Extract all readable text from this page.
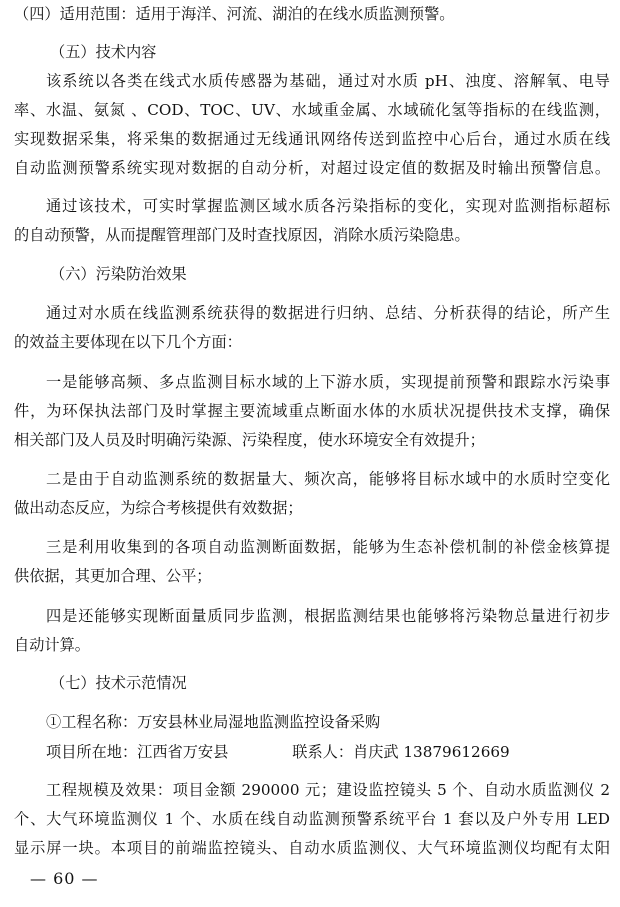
（四）适用范围：适用于海洋、河流、湖泊的在线水质监测预警。
（五）技术内容
该系统以各类在线式水质传感器为基础，通过对水质 pH、浊度、溶解氧、电导
率、水温、氨氮 、COD、TOC、UV、水域重金属、水域硫化氢等指标的在线监测，
实现数据采集，将采集的数据通过无线通讯网络传送到监控中心后台，通过水质在线
自动监测预警系统实现对数据的自动分析，对超过设定值的数据及时输出预警信息。
通过该技术，可实时掌握监测区域水质各污染指标的变化，实现对监测指标超标
的自动预警，从而提醒管理部门及时查找原因，消除水质污染隐患。
（六）污染防治效果
通过对水质在线监测系统获得的数据进行归纳、总结、分析获得的结论，所产生
的效益主要体现在以下几个方面：
一是能够高频、多点监测目标水域的上下游水质，实现提前预警和跟踪水污染事
件，为环保执法部门及时掌握主要流域重点断面水体的水质状况提供技术支撑，确保
相关部门及人员及时明确污染源、污染程度，使水环境安全有效提升；
二是由于自动监测系统的数据量大、频次高，能够将目标水域中的水质时空变化
做出动态反应，为综合考核提供有效数据；
三是利用收集到的各项自动监测断面数据，能够为生态补偿机制的补偿金核算提
供依据，其更加合理、公平；
四是还能够实现断面量质同步监测，根据监测结果也能够将污染物总量进行初步
自动计算。
（七）技术示范情况
①工程名称：万安县林业局湿地监测监控设备采购
项目所在地：江西省万安县	联系人：肖庆武 13879612669
工程规模及效果：项目金额 290000 元；建设监控镜头 5 个、自动水质监测仪 2
个、大气环境监测仪 1 个、水质在线自动监测预警系统平台 1 套以及户外专用 LED
显示屏一块。本项目的前端监控镜头、自动水质监测仪、大气环境监测仪均配有太阳
— 60 —
